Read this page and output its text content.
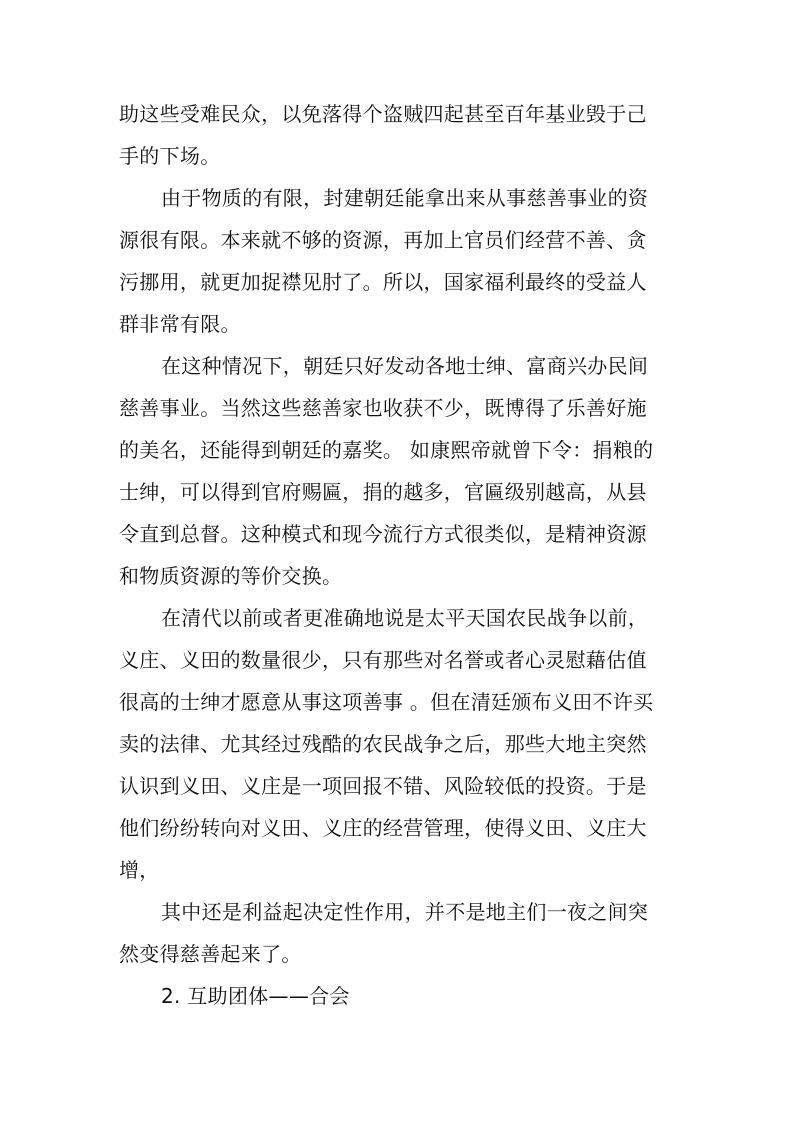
助这些受难民众，以免落得个盗贼四起甚至百年基业毁于己
手的下场。
由于物质的有限，封建朝廷能拿出来从事慈善事业的资
源很有限。本来就不够的资源，再加上官员们经营不善、贪
污挪用，就更加捉襟见肘了。所以，国家福利最终的受益人
群非常有限。
在这种情况下，朝廷只好发动各地士绅、富商兴办民间
慈善事业。当然这些慈善家也收获不少，既博得了乐善好施
的美名，还能得到朝廷的嘉奖。 如康熙帝就曾下令：捐粮的
士绅，可以得到官府赐匾，捐的越多，官匾级别越高，从县
令直到总督。这种模式和现今流行方式很类似，是精神资源
和物质资源的等价交换。
在清代以前或者更准确地说是太平天国农民战争以前，
义庄、义田的数量很少，只有那些对名誉或者心灵慰藉估值
很高的士绅才愿意从事这项善事 。但在清廷颁布义田不许买
卖的法律、尤其经过残酷的农民战争之后，那些大地主突然
认识到义田、义庄是一项回报不错、风险较低的投资。于是
他们纷纷转向对义田、义庄的经营管理，使得义田、义庄大
增，
其中还是利益起决定性作用，并不是地主们一夜之间突
然变得慈善起来了。
2. 互助团体——合会
